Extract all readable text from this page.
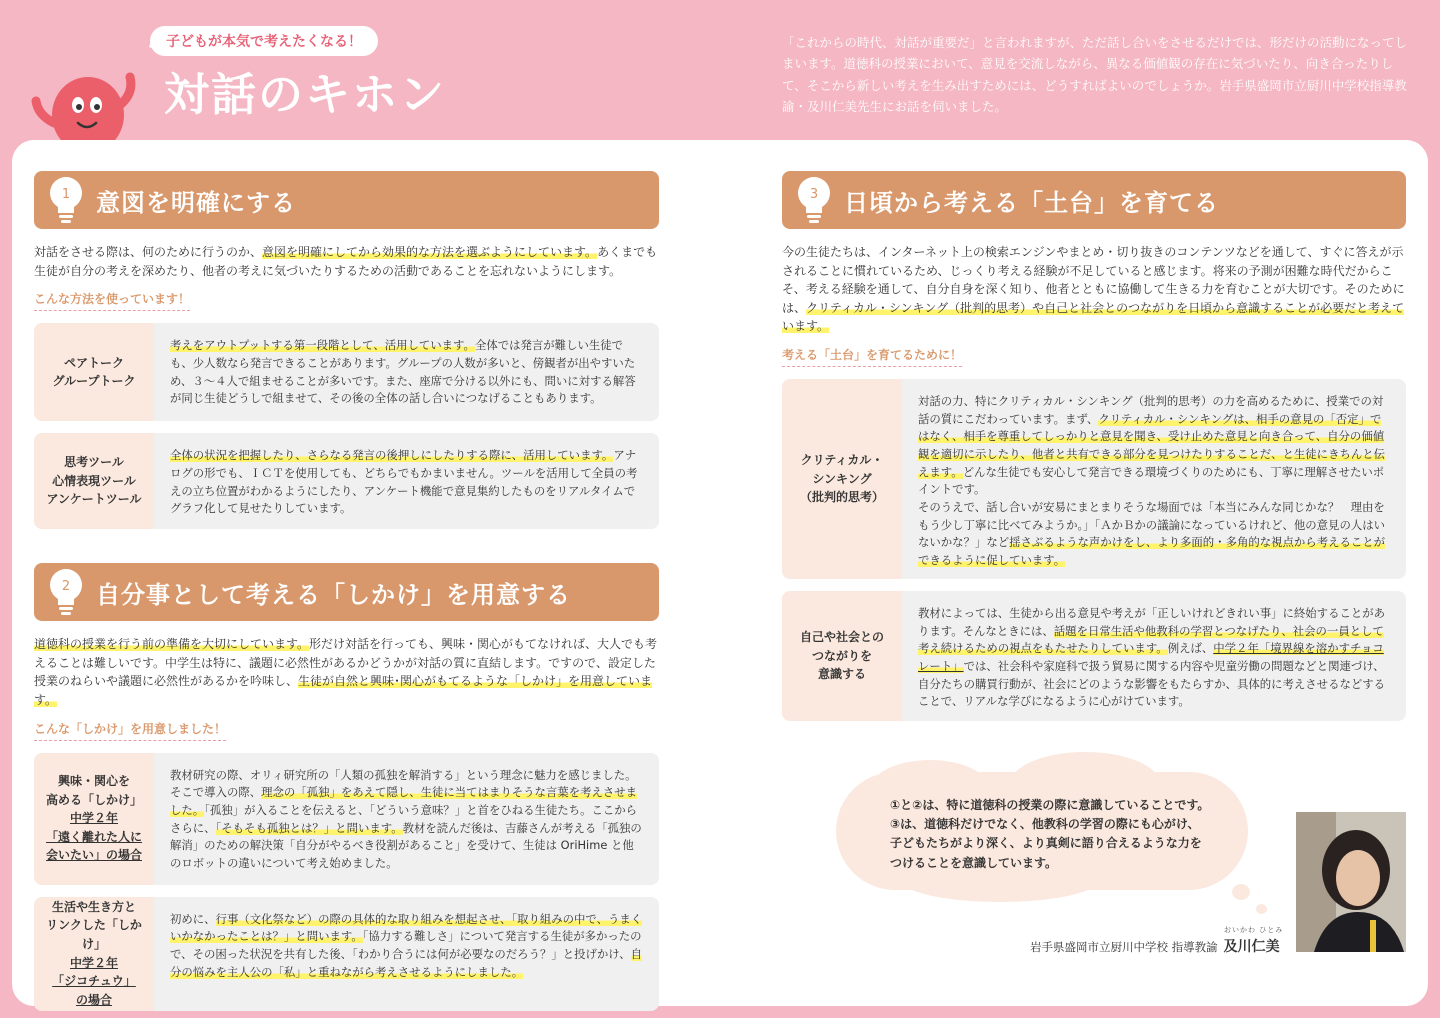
子どもが本気で考えたくなる！
対話のキホン
「これからの時代、対話が重要だ」と言われますが、ただ話し合いをさせるだけでは、形だけの活動になってしまいます。道徳科の授業において、意見を交流しながら、異なる価値観の存在に気づいたり、向き合ったりして、そこから新しい考えを生み出すためには、どうすればよいのでしょうか。岩手県盛岡市立厨川中学校指導教諭・及川仁美先生にお話を伺いました。
1 意図を明確にする
対話をさせる際は、何のために行うのか、意図を明確にしてから効果的な方法を選ぶようにしています。あくまでも生徒が自分の考えを深めたり、他者の考えに気づいたりするための活動であることを忘れないようにします。
こんな方法を使っています！
ペアトーク
グループトーク
考えをアウトプットする第一段階として、活用しています。全体では発言が難しい生徒でも、少人数なら発言できることがあります。グループの人数が多いと、傍観者が出やすいため、３〜４人で組ませることが多いです。また、座席で分ける以外にも、問いに対する解答が同じ生徒どうしで組ませて、その後の全体の話し合いにつなげることもあります。
思考ツール
心情表現ツール
アンケートツール
全体の状況を把握したり、さらなる発言の後押しにしたりする際に、活用しています。アナログの形でも、ＩＣＴを使用しても、どちらでもかまいません。ツールを活用して全員の考えの立ち位置がわかるようにしたり、アンケート機能で意見集約したものをリアルタイムでグラフ化して見せたりしています。
2 自分事として考える「しかけ」を用意する
道徳科の授業を行う前の準備を大切にしています。形だけ対話を行っても、興味・関心がもてなければ、大人でも考えることは難しいです。中学生は特に、議題に必然性があるかどうかが対話の質に直結します。ですので、設定した授業のねらいや議題に必然性があるかを吟味し、生徒が自然と興味･関心がもてるような「しかけ」を用意しています。
こんな「しかけ」を用意しました！
興味・関心を
高める「しかけ」
中学２年
「遠く離れた人に
会いたい」の場合
教材研究の際、オリィ研究所の「人類の孤独を解消する」という理念に魅力を感じました。そこで導入の際、理念の「孤独」をあえて隠し、生徒に当てはまりそうな言葉を考えさせました。「孤独」が入ることを伝えると、「どういう意味？」と首をひねる生徒たち。ここからさらに、「そもそも孤独とは？」と問います。教材を読んだ後は、吉藤さんが考える「孤独の解消」のための解決策「自分がやるべき役割があること」を受けて、生徒は OriHime と他のロボットの違いについて考え始めました。
生活や生き方と
リンクした「しかけ」
中学２年
「ジコチュウ」
の場合
初めに、行事（文化祭など）の際の具体的な取り組みを想起させ、「取り組みの中で、うまくいかなかったことは？」と問います。「協力する難しさ」について発言する生徒が多かったので、その困った状況を共有した後、「わかり合うには何が必要なのだろう？」と投げかけ、自分の悩みを主人公の「私」と重ねながら考えさせるようにしました。
3 日頃から考える「土台」を育てる
今の生徒たちは、インターネット上の検索エンジンやまとめ・切り抜きのコンテンツなどを通して、すぐに答えが示されることに慣れているため、じっくり考える経験が不足していると感じます。将来の予測が困難な時代だからこそ、考える経験を通して、自分自身を深く知り、他者とともに協働して生きる力を育むことが大切です。そのためには、クリティカル・シンキング（批判的思考）や自己と社会とのつながりを日頃から意識することが必要だと考えています。
考える「土台」を育てるために！
クリティカル・
シンキング
（批判的思考）
対話の力、特にクリティカル・シンキング（批判的思考）の力を高めるために、授業での対話の質にこだわっています。まず、クリティカル・シンキングは、相手の意見の「否定」ではなく、相手を尊重してしっかりと意見を聞き、受け止めた意見と向き合って、自分の価値観を適切に示したり、他者と共有できる部分を見つけたりすることだ、と生徒にきちんと伝えます。どんな生徒でも安心して発言できる環境づくりのためにも、丁寧に理解させたいポイントです。
そのうえで、話し合いが安易にまとまりそうな場面では「本当にみんな同じかな？　理由をもう少し丁寧に比べてみようか。」「ＡかＢかの議論になっているけれど、他の意見の人はいないかな？」など揺さぶるような声かけをし、より多面的・多角的な視点から考えることができるように促しています。
自己や社会との
つながりを
意識する
教材によっては、生徒から出る意見や考えが「正しいけれどきれい事」に終始することがあります。そんなときには、話題を日常生活や他教科の学習とつなげたり、社会の一員として考え続けるための視点をもたせたりしています。例えば、中学２年「境界線を溶かすチョコレート」では、社会科や家庭科で扱う貿易に関する内容や児童労働の問題などと関連づけ、自分たちの購買行動が、社会にどのような影響をもたらすか、具体的に考えさせるなどすることで、リアルな学びになるように心がけています。
①と②は、特に道徳科の授業の際に意識していることです。
③は、道徳科だけでなく、他教科の学習の際にも心がけ、
子どもたちがより深く、より真剣に語り合えるような力を
つけることを意識しています。
おいかわ ひとみ
岩手県盛岡市立厨川中学校 指導教諭 及川仁美
